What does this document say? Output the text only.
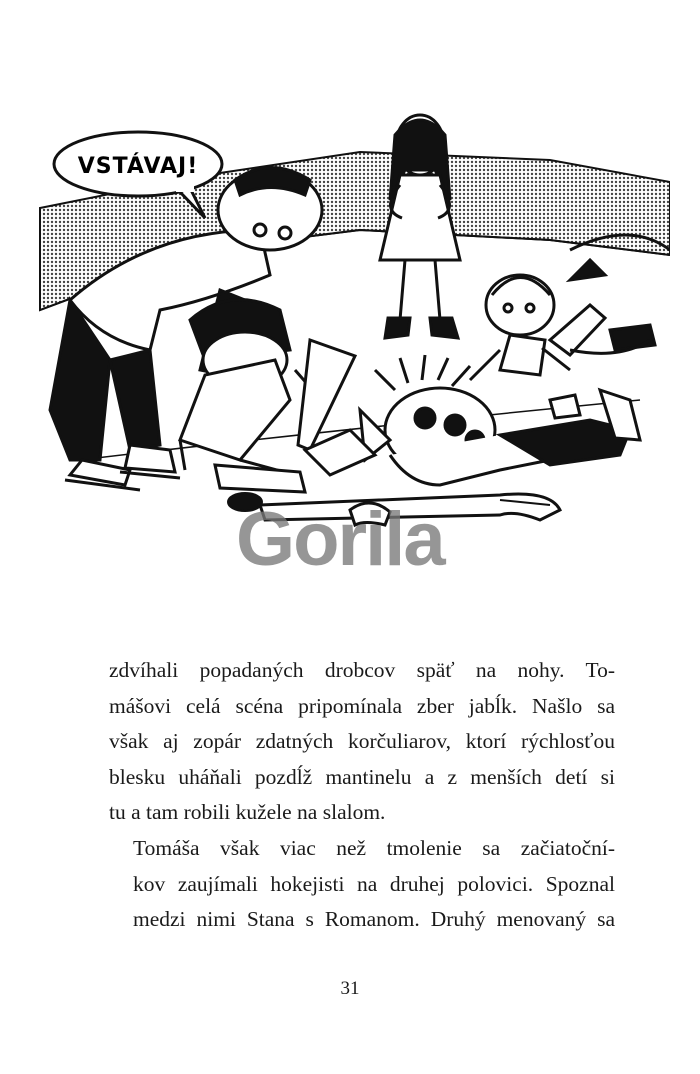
VSTÁVAJ!
Gorila

zdvíhali popadaných drobcov späť na nohy. To-
mášovi celá scéna pripomínala zber jabĺk. Našlo sa
však aj zopár zdatných korčuliarov, ktorí rýchlosťou
blesku uháňali pozdĺž mantinelu a z menších detí si
tu a tam robili kužele na slalom.

Tomáša však viac než tmolenie sa začiatoční-
kov zaujímali hokejisti na druhej polovici. Spoznal
medzi nimi Stana s Romanom. Druhý menovaný sa

31
